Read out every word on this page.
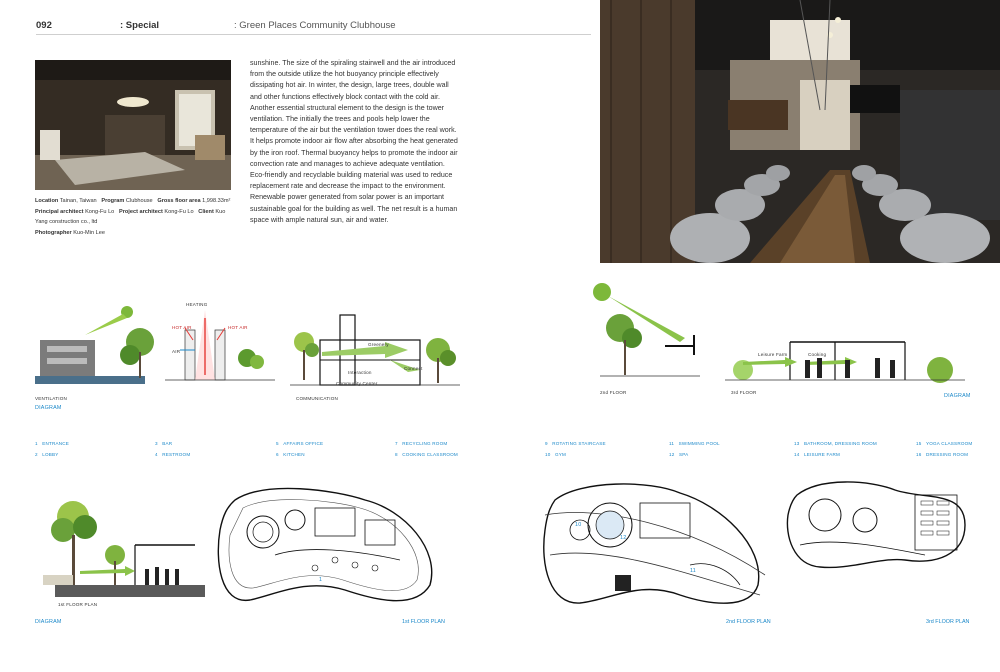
092	: Special	: Green Places Community Clubhouse
Location Tainan, Taiwan Program Clubhouse Gross floor area 1,998.33m²   Principal architect Kong-Fu Lo Project architect Kong-Fu Lo Client Kuo Yang construction co., ltd
Photographer Kuo-Min Lee
sunshine. The size of the spiraling stairwell and the air introduced from the outside utilize the hot buoyancy principle effectively dissipating hot air. In winter, the design, large trees, double wall and other functions effectively block contact with the cold air. Another essential structural element to the design is the tower ventilation. The initially the trees and pools help lower the temperature of the air but the ventilation tower does the real work. It helps promote indoor air flow after absorbing the heat generated by the iron roof. Thermal buoyancy helps to promote the indoor air convection rate and manages to achieve adequate ventilation. Eco-friendly and recyclable building material was used to reduce replacement rate and decrease the impact to the environment. Renewable power generated from solar power is an important sustainable goal for the building as well. The net result is a human space with ample natural sun, air and water.
HEATING
HOT AIR	HOT AIR
AIR
VENTILATION
DIAGRAM
Greenery
Interaction
Connect
Community Center
COMMUNICATION
2nd FLOOR
Leisure Farm	Cooking
3rd FLOOR
DIAGRAM
1 ENTRANCE
2 LOBBY
3 BAR
4 RESTROOM
5 AFFAIRS OFFICE
6 KITCHEN
7 RECYCLING ROOM
8 COOKING CLASSROOM
9 ROTATING STAIRCASE
10 GYM
11 SWIMMING POOL
12 SPA
13 BATHROOM, DRESSING ROOM
14 LEISURE FARM
15 YOGA CLASSROOM
16 DRESSING ROOM
1st FLOOR PLAN
DIAGRAM
1
1st FLOOR PLAN
10
11
12
2nd FLOOR PLAN	3rd FLOOR PLAN
